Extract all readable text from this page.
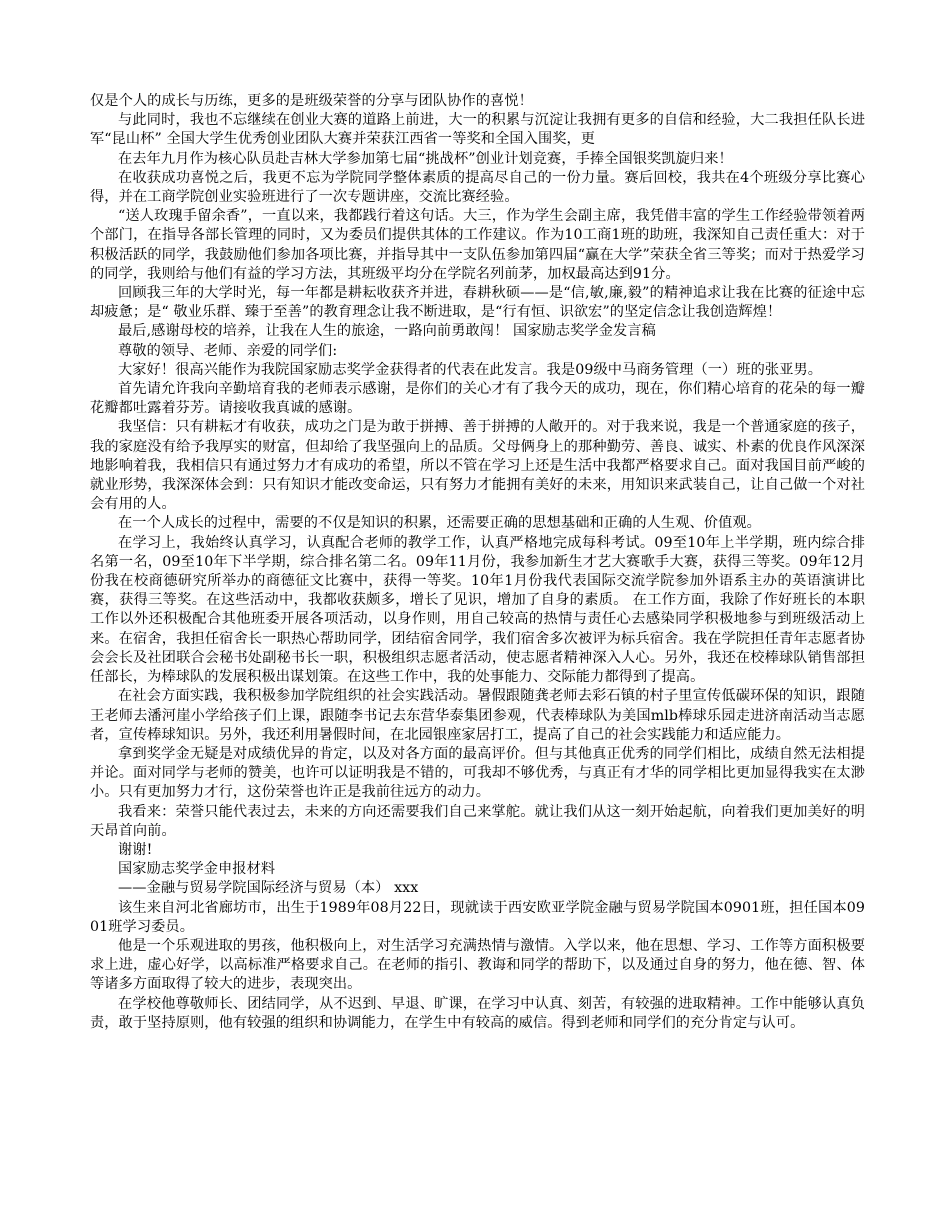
仅是个人的成长与历练，更多的是班级荣誉的分享与团队协作的喜悦！

与此同时，我也不忘继续在创业大赛的道路上前进，大一的积累与沉淀让我拥有更多的自信和经验，大二我担任队长进军“昆山杯” 全国大学生优秀创业团队大赛并荣获江西省一等奖和全国入围奖，更

在去年九月作为核心队员赴吉林大学参加第七届“挑战杯”创业计划竞赛，手捧全国银奖凯旋归来！

在收获成功喜悦之后，我更不忘为学院同学整体素质的提高尽自己的一份力量。赛后回校，我共在4个班级分享比赛心得，并在工商学院创业实验班进行了一次专题讲座，交流比赛经验。

“送人玫瑰手留余香”，一直以来，我都践行着这句话。大三，作为学生会副主席，我凭借丰富的学生工作经验带领着两个部门，在指导各部长管理的同时，又为委员们提供其体的工作建议。作为10工商1班的助班，我深知自己责任重大：对于积极活跃的同学，我鼓励他们参加各项比赛，并指导其中一支队伍参加第四届“赢在大学”荣获全省三等奖；而对于热爱学习的同学，我则给与他们有益的学习方法，其班级平均分在学院名列前茅，加权最高达到91分。

回顾我三年的大学时光，每一年都是耕耘收获齐并进，春耕秋硕——是“信,敏,廉,毅”的精神追求让我在比赛的征途中忘却疲惫；是“ 敬业乐群、臻于至善”的教育理念让我不断进取，是“行有恒、识欲宏”的坚定信念让我创造辉煌！

最后,感谢母校的培养，让我在人生的旅途，一路向前勇敢闯！ 国家励志奖学金发言稿

尊敬的领导、老师、亲爱的同学们:

大家好！很高兴能作为我院国家励志奖学金获得者的代表在此发言。我是09级中马商务管理（一）班的张亚男。

首先请允许我向辛勤培育我的老师表示感谢，是你们的关心才有了我今天的成功，现在，你们精心培育的花朵的每一瓣花瓣都吐露着芬芳。请接收我真诚的感谢。

我坚信：只有耕耘才有收获，成功之门是为敢于拼搏、善于拼搏的人敞开的。对于我来说，我是一个普通家庭的孩子，我的家庭没有给予我厚实的财富，但却给了我坚强向上的品质。父母俩身上的那种勤劳、善良、诚实、朴素的优良作风深深地影响着我，我相信只有通过努力才有成功的希望，所以不管在学习上还是生活中我都严格要求自己。面对我国目前严峻的就业形势，我深深体会到：只有知识才能改变命运，只有努力才能拥有美好的未来，用知识来武装自己，让自己做一个对社会有用的人。

在一个人成长的过程中，需要的不仅是知识的积累，还需要正确的思想基础和正确的人生观、价值观。

在学习上，我始终认真学习，认真配合老师的教学工作，认真严格地完成每科考试。09至10年上半学期，班内综合排名第一名，09至10年下半学期，综合排名第二名。09年11月份，我参加新生才艺大赛歌手大赛，获得三等奖。09年12月份我在校商德研究所举办的商德征文比赛中，获得一等奖。10年1月份我代表国际交流学院参加外语系主办的英语演讲比赛，获得三等奖。在这些活动中，我都收获颇多，增长了见识，增加了自身的素质。 在工作方面，我除了作好班长的本职工作以外还积极配合其他班委开展各项活动，以身作则，用自己较高的热情与责任心去感染同学积极地参与到班级活动上来。在宿舍，我担任宿舍长一职热心帮助同学，团结宿舍同学，我们宿舍多次被评为标兵宿舍。我在学院担任青年志愿者协会会长及社团联合会秘书处副秘书长一职，积极组织志愿者活动，使志愿者精神深入人心。另外，我还在校棒球队销售部担任部长，为棒球队的发展积极出谋划策。在这些工作中，我的处事能力、交际能力都得到了提高。

在社会方面实践，我积极参加学院组织的社会实践活动。暑假跟随龚老师去彩石镇的村子里宣传低碳环保的知识，跟随王老师去潘河崖小学给孩子们上课，跟随李书记去东营华泰集团参观，代表棒球队为美国mlb棒球乐园走进济南活动当志愿者，宣传棒球知识。另外，我还利用暑假时间，在北园银座家居打工，提高了自己的社会实践能力和适应能力。

拿到奖学金无疑是对成绩优异的肯定，以及对各方面的最高评价。但与其他真正优秀的同学们相比，成绩自然无法相提并论。面对同学与老师的赞美，也许可以证明我是不错的，可我却不够优秀，与真正有才华的同学相比更加显得我实在太渺小。只有更加努力才行，这份荣誉也许正是我前往远方的动力。

我看来：荣誉只能代表过去，未来的方向还需要我们自己来掌舵。就让我们从这一刻开始起航，向着我们更加美好的明天昂首向前。

谢谢!

国家励志奖学金申报材料

——金融与贸易学院国际经济与贸易（本） xxx

该生来自河北省廊坊市，出生于1989年08月22日，现就读于西安欧亚学院金融与贸易学院国本0901班，担任国本0901班学习委员。

他是一个乐观进取的男孩，他积极向上，对生活学习充满热情与激情。入学以来，他在思想、学习、工作等方面积极要求上进，虚心好学，以高标准严格要求自己。在老师的指引、教诲和同学的帮助下，以及通过自身的努力，他在德、智、体等诸多方面取得了较大的进步，表现突出。

在学校他尊敬师长、团结同学，从不迟到、早退、旷课，在学习中认真、刻苦，有较强的进取精神。工作中能够认真负责，敢于坚持原则，他有较强的组织和协调能力，在学生中有较高的威信。得到老师和同学们的充分肯定与认可。
